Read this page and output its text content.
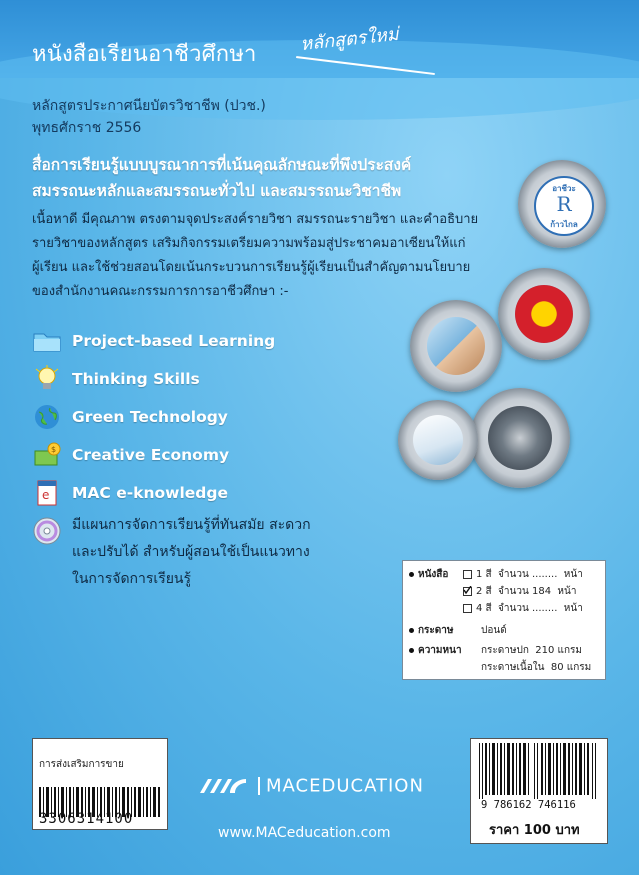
หนังสือเรียนอาชีวศึกษา หลักสูตรใหม่
หลักสูตรประกาศนียบัตรวิชาชีพ (ปวช.)
พุทธศักราช 2556
สื่อการเรียนรู้แบบบูรณาการที่เน้นคุณลักษณะที่พึงประสงค์
สมรรถนะหลักและสมรรถนะทั่วไป และสมรรถนะวิชาชีพ
เนื้อหาดี มีคุณภาพ ตรงตามจุดประสงค์รายวิชา สมรรถนะรายวิชา และคำอธิบาย
รายวิชาของหลักสูตร เสริมกิจกรรมเตรียมความพร้อมสู่ประชาคมอาเซียนให้แก่
ผู้เรียน และใช้ช่วยสอนโดยเน้นกระบวนการเรียนรู้ผู้เรียนเป็นสำคัญตามนโยบาย
ของสำนักงานคณะกรรมการการอาชีวศึกษา :-
Project-based Learning
Thinking Skills
Green Technology
$ Creative Economy
e MAC e-knowledge
มีแผนการจัดการเรียนรู้ที่ทันสมัย สะดวก
และปรับได้ สำหรับผู้สอนใช้เป็นแนวทาง
ในการจัดการเรียนรู้
อาชีวะ
R
ก้าวไกล
หนังสือ	1 สี จำนวน ........ หน้า
2 สี จำนวน 184 หน้า
4 สี จำนวน ........ หน้า
กระดาษ	ปอนด์
ความหนา กระดาษปก 210 แกรม
กระดาษเนื้อใน 80 แกรม
การส่งเสริมการขาย
3306314100
9 786162 746116
ราคา 100 บาท
MACEDUCATION
www.MACeducation.com
